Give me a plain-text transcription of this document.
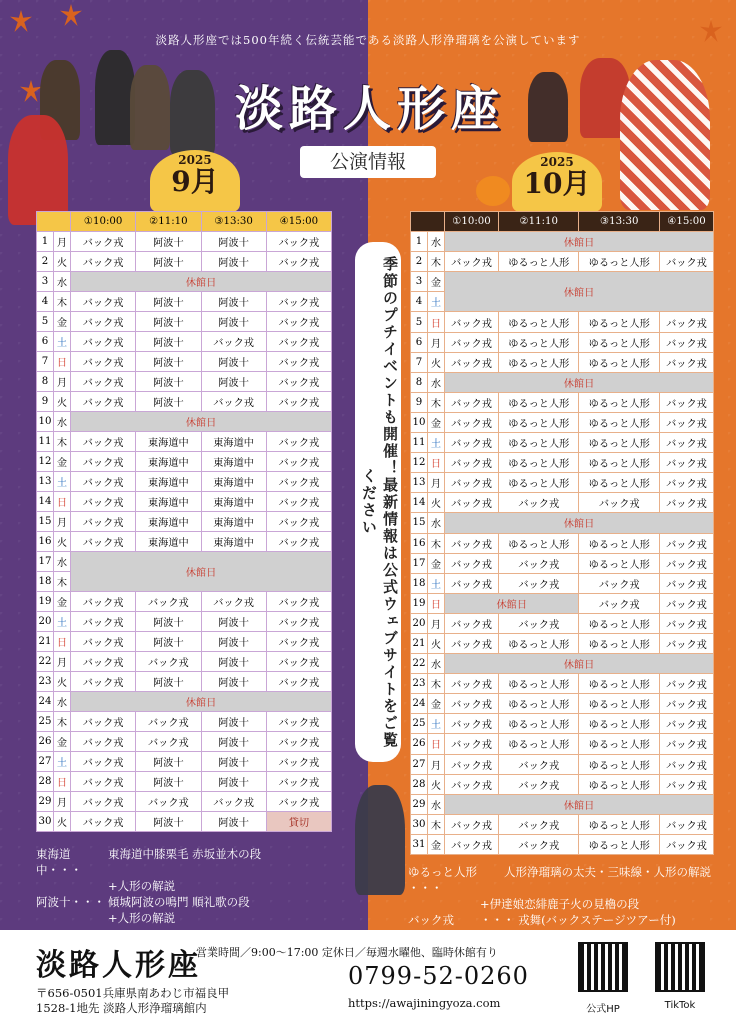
淡路人形座では500年続く伝統芸能である淡路人形浄瑠璃を公演しています
淡路人形座
公演情報
2025
9月
2025
10月
		①10:00	②11:10	③13:30	④15:00
1	月	バック戎	阿波十	阿波十	バック戎
2	火	バック戎	阿波十	阿波十	バック戎
3	水	休館日			
4	木	バック戎	阿波十	阿波十	バック戎
5	金	バック戎	阿波十	阿波十	バック戎
6	土	バック戎	阿波十	バック戎	バック戎
7	日	バック戎	阿波十	阿波十	バック戎
8	月	バック戎	阿波十	阿波十	バック戎
9	火	バック戎	阿波十	バック戎	バック戎
10	水	休館日			
11	木	バック戎	東海道中	東海道中	バック戎
12	金	バック戎	東海道中	東海道中	バック戎
13	土	バック戎	東海道中	東海道中	バック戎
14	日	バック戎	東海道中	東海道中	バック戎
15	月	バック戎	東海道中	東海道中	バック戎
16	火	バック戎	東海道中	東海道中	バック戎
17	水	休館日			
18	木				
19	金	バック戎	バック戎	バック戎	バック戎
20	土	バック戎	阿波十	阿波十	バック戎
21	日	バック戎	阿波十	阿波十	バック戎
22	月	バック戎	バック戎	阿波十	バック戎
23	火	バック戎	阿波十	阿波十	バック戎
24	水	休館日			
25	木	バック戎	バック戎	阿波十	バック戎
26	金	バック戎	バック戎	阿波十	バック戎
27	土	バック戎	阿波十	阿波十	バック戎
28	日	バック戎	阿波十	阿波十	バック戎
29	月	バック戎	バック戎	バック戎	バック戎
30	火	バック戎	阿波十	阿波十	貸切
		①10:00	②11:10	③13:30	④15:00
1	水	休館日			
2	木	バック戎	ゆるっと人形	ゆるっと人形	バック戎
3	金	休館日			
4	土				
5	日	バック戎	ゆるっと人形	ゆるっと人形	バック戎
6	月	バック戎	ゆるっと人形	ゆるっと人形	バック戎
7	火	バック戎	ゆるっと人形	ゆるっと人形	バック戎
8	水	休館日			
9	木	バック戎	ゆるっと人形	ゆるっと人形	バック戎
10	金	バック戎	ゆるっと人形	ゆるっと人形	バック戎
11	土	バック戎	ゆるっと人形	ゆるっと人形	バック戎
12	日	バック戎	ゆるっと人形	ゆるっと人形	バック戎
13	月	バック戎	ゆるっと人形	ゆるっと人形	バック戎
14	火	バック戎	バック戎	バック戎	バック戎
15	水	休館日			
16	木	バック戎	ゆるっと人形	ゆるっと人形	バック戎
17	金	バック戎	バック戎	ゆるっと人形	バック戎
18	土	バック戎	バック戎	バック戎	バック戎
19	日	休館日		バック戎	バック戎
20	月	バック戎	バック戎	ゆるっと人形	バック戎
21	火	バック戎	ゆるっと人形	ゆるっと人形	バック戎
22	水	休館日			
23	木	バック戎	ゆるっと人形	ゆるっと人形	バック戎
24	金	バック戎	ゆるっと人形	ゆるっと人形	バック戎
25	土	バック戎	ゆるっと人形	ゆるっと人形	バック戎
26	日	バック戎	ゆるっと人形	ゆるっと人形	バック戎
27	月	バック戎	バック戎	ゆるっと人形	バック戎
28	火	バック戎	バック戎	ゆるっと人形	バック戎
29	水	休館日			
30	木	バック戎	バック戎	ゆるっと人形	バック戎
31	金	バック戎	バック戎	ゆるっと人形	バック戎
季節のプチイベントも開催！最新情報は公式ウェブサイトをご覧ください
東海道中・・・
東海道中膝栗毛 赤坂並木の段
+人形の解説
阿波十・・・ 傾城阿波の鳴門 順礼歌の段
+人形の解説
ゆるっと人形 ・・・
人形浄瑠璃の太夫・三味線・人形の解説
+伊達娘恋緋鹿子火の見櫓の段
バック戎	・・・ 戎舞(バックステージツアー付)
淡路人形座
営業時間／9:00〜17:00 定休日／毎週水曜他、臨時休館有り
〒656-0501兵庫県南あわじ市福良甲
1528-1地先 淡路人形浄瑠璃館内
0799-52-0260
https://awajiningyoza.com	公式HP	TikTok
